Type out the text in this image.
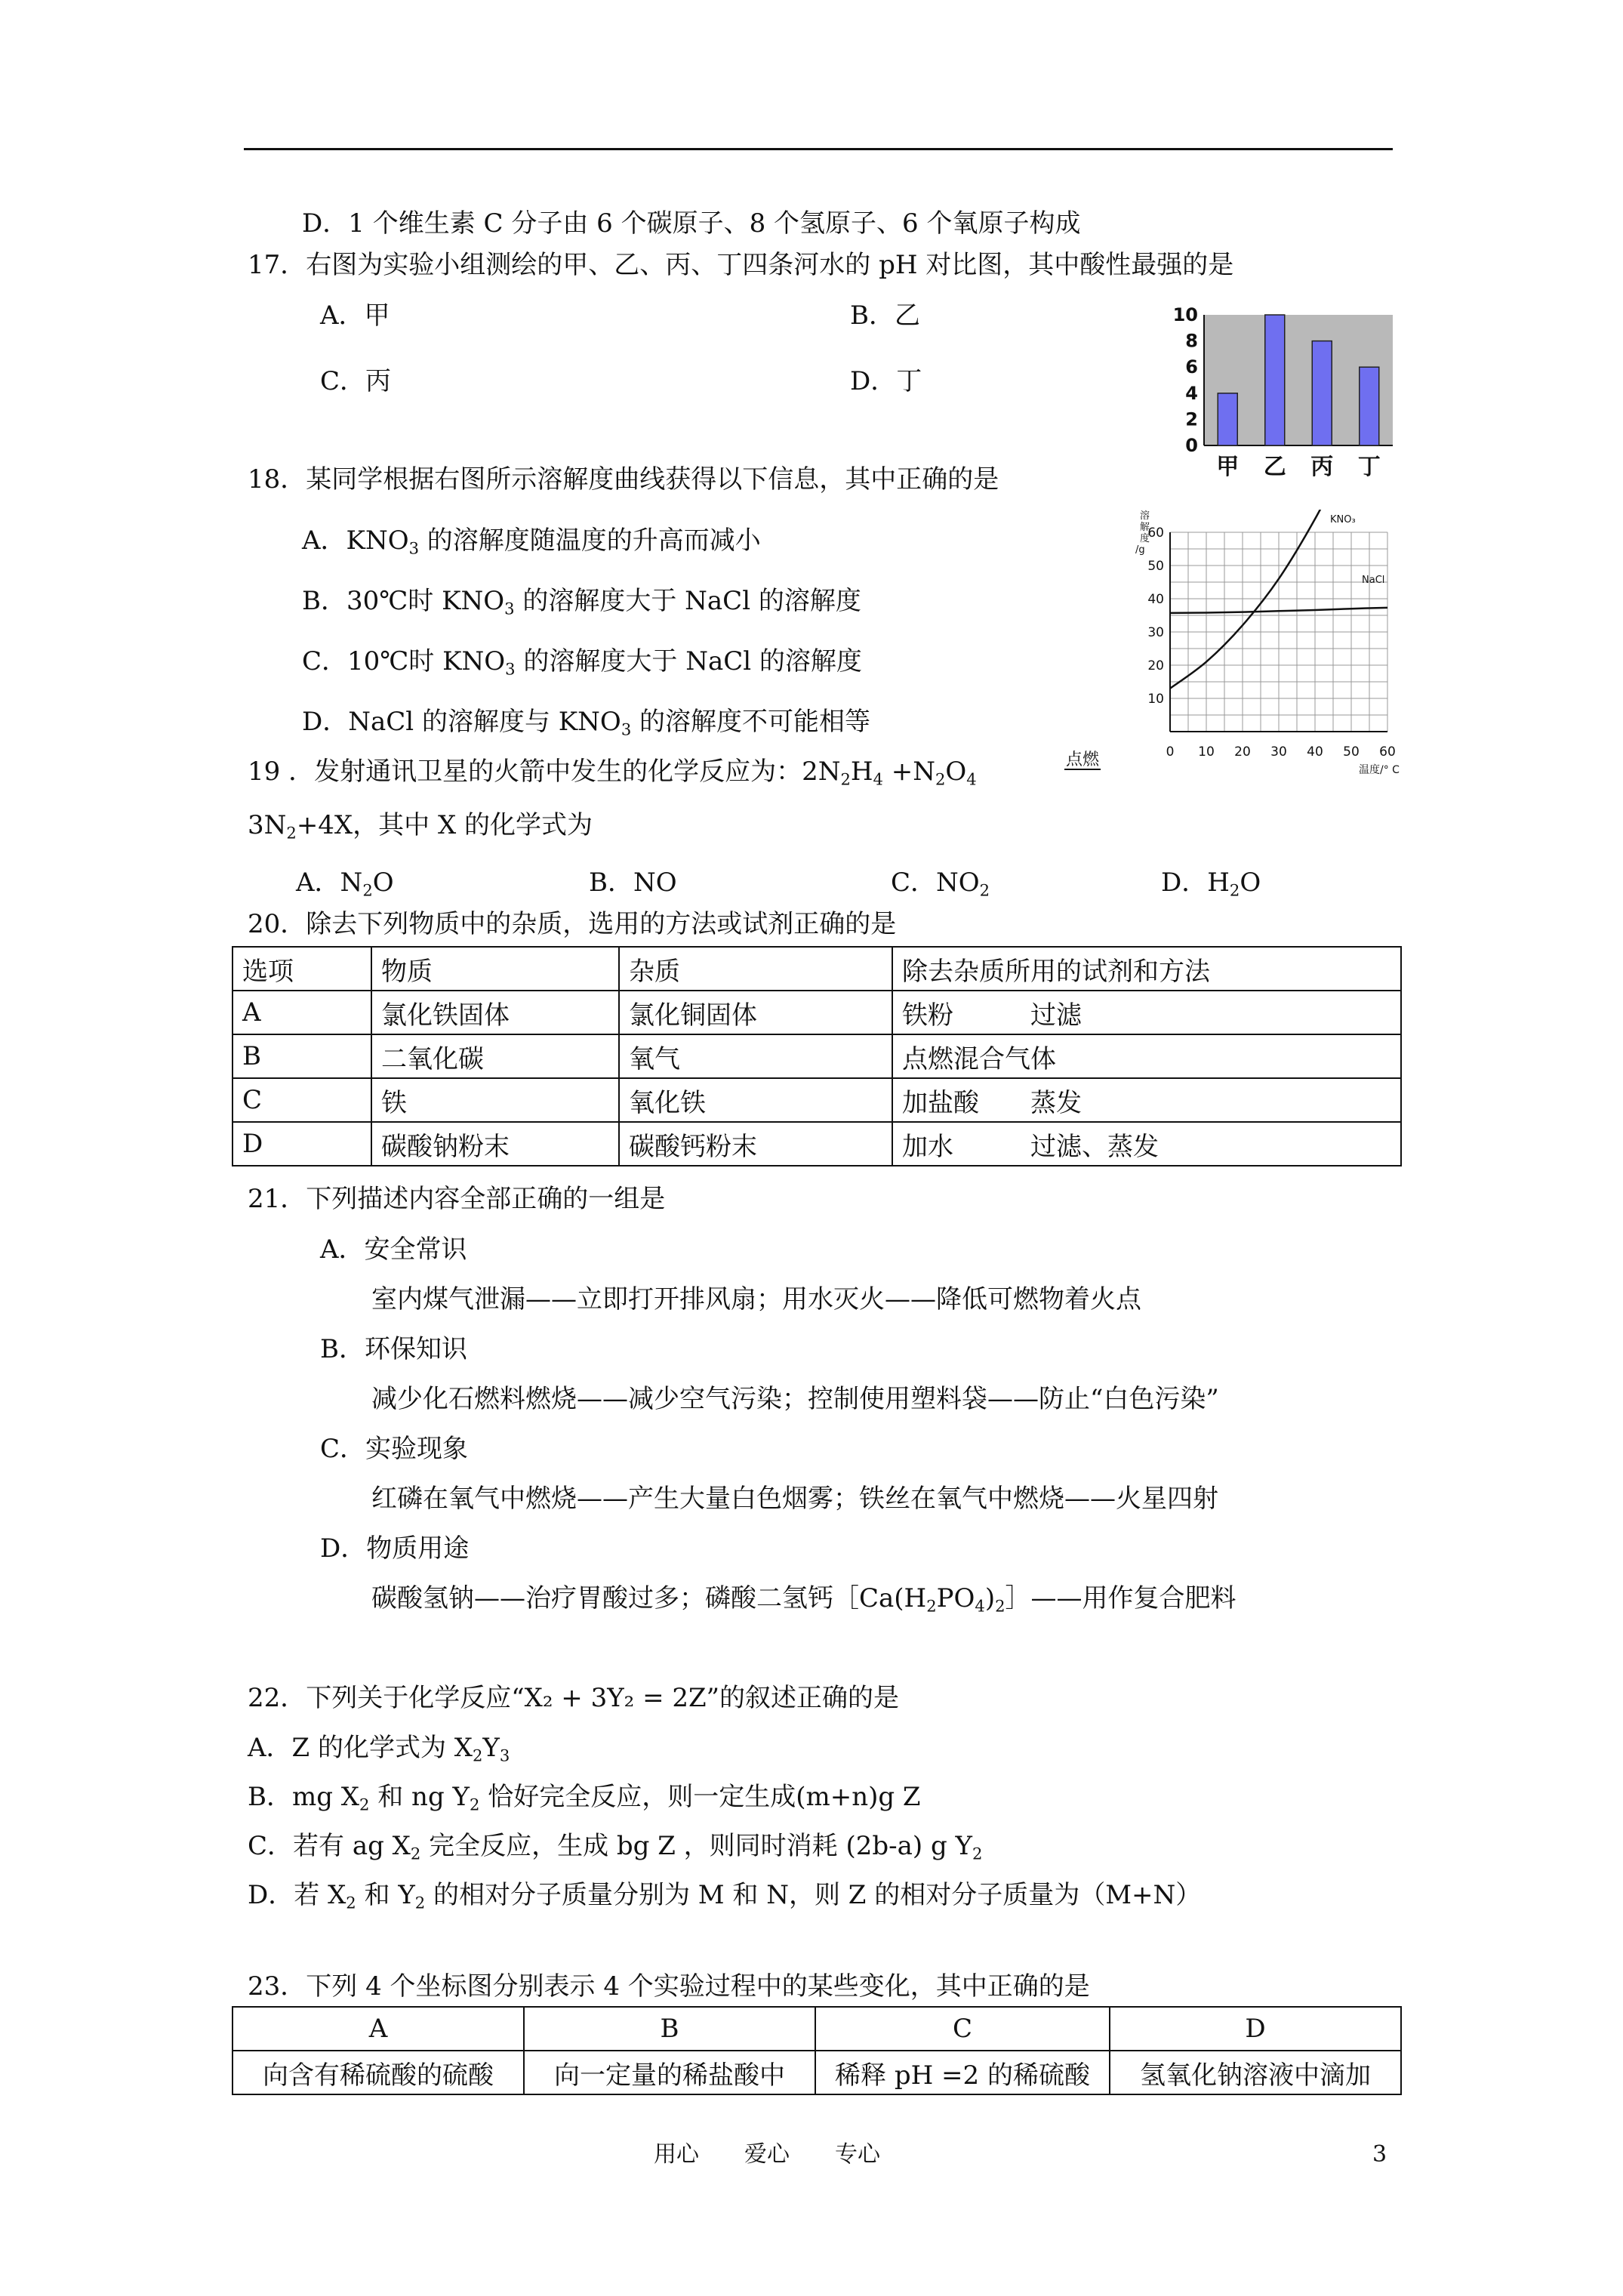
D．1 个维生素 C 分子由 6 个碳原子、8 个氢原子、6 个氧原子构成
17．右图为实验小组测绘的甲、乙、丙、丁四条河水的 pH 对比图，其中酸性最强的是
A．甲	B．乙
C．丙	D．丁
0
2
4
6
8
10
甲 乙 丙 丁
18．某同学根据右图所示溶解度曲线获得以下信息，其中正确的是
A．$KNO_3$ 的溶解度随温度的升高而减小
B．30℃时 $KNO_3$ 的溶解度大于 NaCl 的溶解度
C．10℃时 $KNO_3$ 的溶解度大于 NaCl 的溶解度
D．NaCl 的溶解度与 $KNO_3$ 的溶解度不可能相等
0 10 20 30 40 50 60
10
20
30
40
50
60
溶
解
度
/g
温度/° C
KNO₃
NaCl
19 ．发射通讯卫星的火箭中发生的化学反应为：$2N_2H_4 +N_2O_4$
点燃
$3N_2+4X$，其中 X 的化学式为
A．$N_2O$	B．NO	C．$NO_2$	D．$H_2O$
20．除去下列物质中的杂质，选用的方法或试剂正确的是
选项	物质	杂质	除去杂质所用的试剂和方法
A	氯化铁固体	氯化铜固体	铁粉　　　过滤
B	二氧化碳	氧气	点燃混合气体
C	铁	氧化铁	加盐酸　　蒸发
D	碳酸钠粉末	碳酸钙粉末	加水　　　过滤、蒸发
21．下列描述内容全部正确的一组是
A．安全常识
室内煤气泄漏——立即打开排风扇；用水灭火——降低可燃物着火点
B．环保知识
减少化石燃料燃烧——减少空气污染；控制使用塑料袋——防止“白色污染”
C．实验现象
红磷在氧气中燃烧——产生大量白色烟雾；铁丝在氧气中燃烧——火星四射
D．物质用途
碳酸氢钠——治疗胃酸过多；磷酸二氢钙$[Ca(H_2PO_4)_2]——$用作复合肥料
22．下列关于化学反应“X₂ + 3Y₂ = 2Z”的叙述正确的是
A．Z 的化学式为 $X_2Y_3$
B．mg $X_2$ 和 ng $Y_2$ 恰好完全反应，则一定生成(m+n)g Z
C．若有 ag $X_2$ 完全反应，生成 bg Z ，则同时消耗 (2b-a) g $Y_2$
D．若 $X_2$ 和 $Y_2$ 的相对分子质量分别为 M 和 N，则 Z 的相对分子质量为（M+N）
23．下列 4 个坐标图分别表示 4 个实验过程中的某些变化，其中正确的是
A	B	C	D
向含有稀硫酸的硫酸	向一定量的稀盐酸中	稀释 pH =2 的稀硫酸	氢氧化钠溶液中滴加
用心　　爱心　　专心	3
